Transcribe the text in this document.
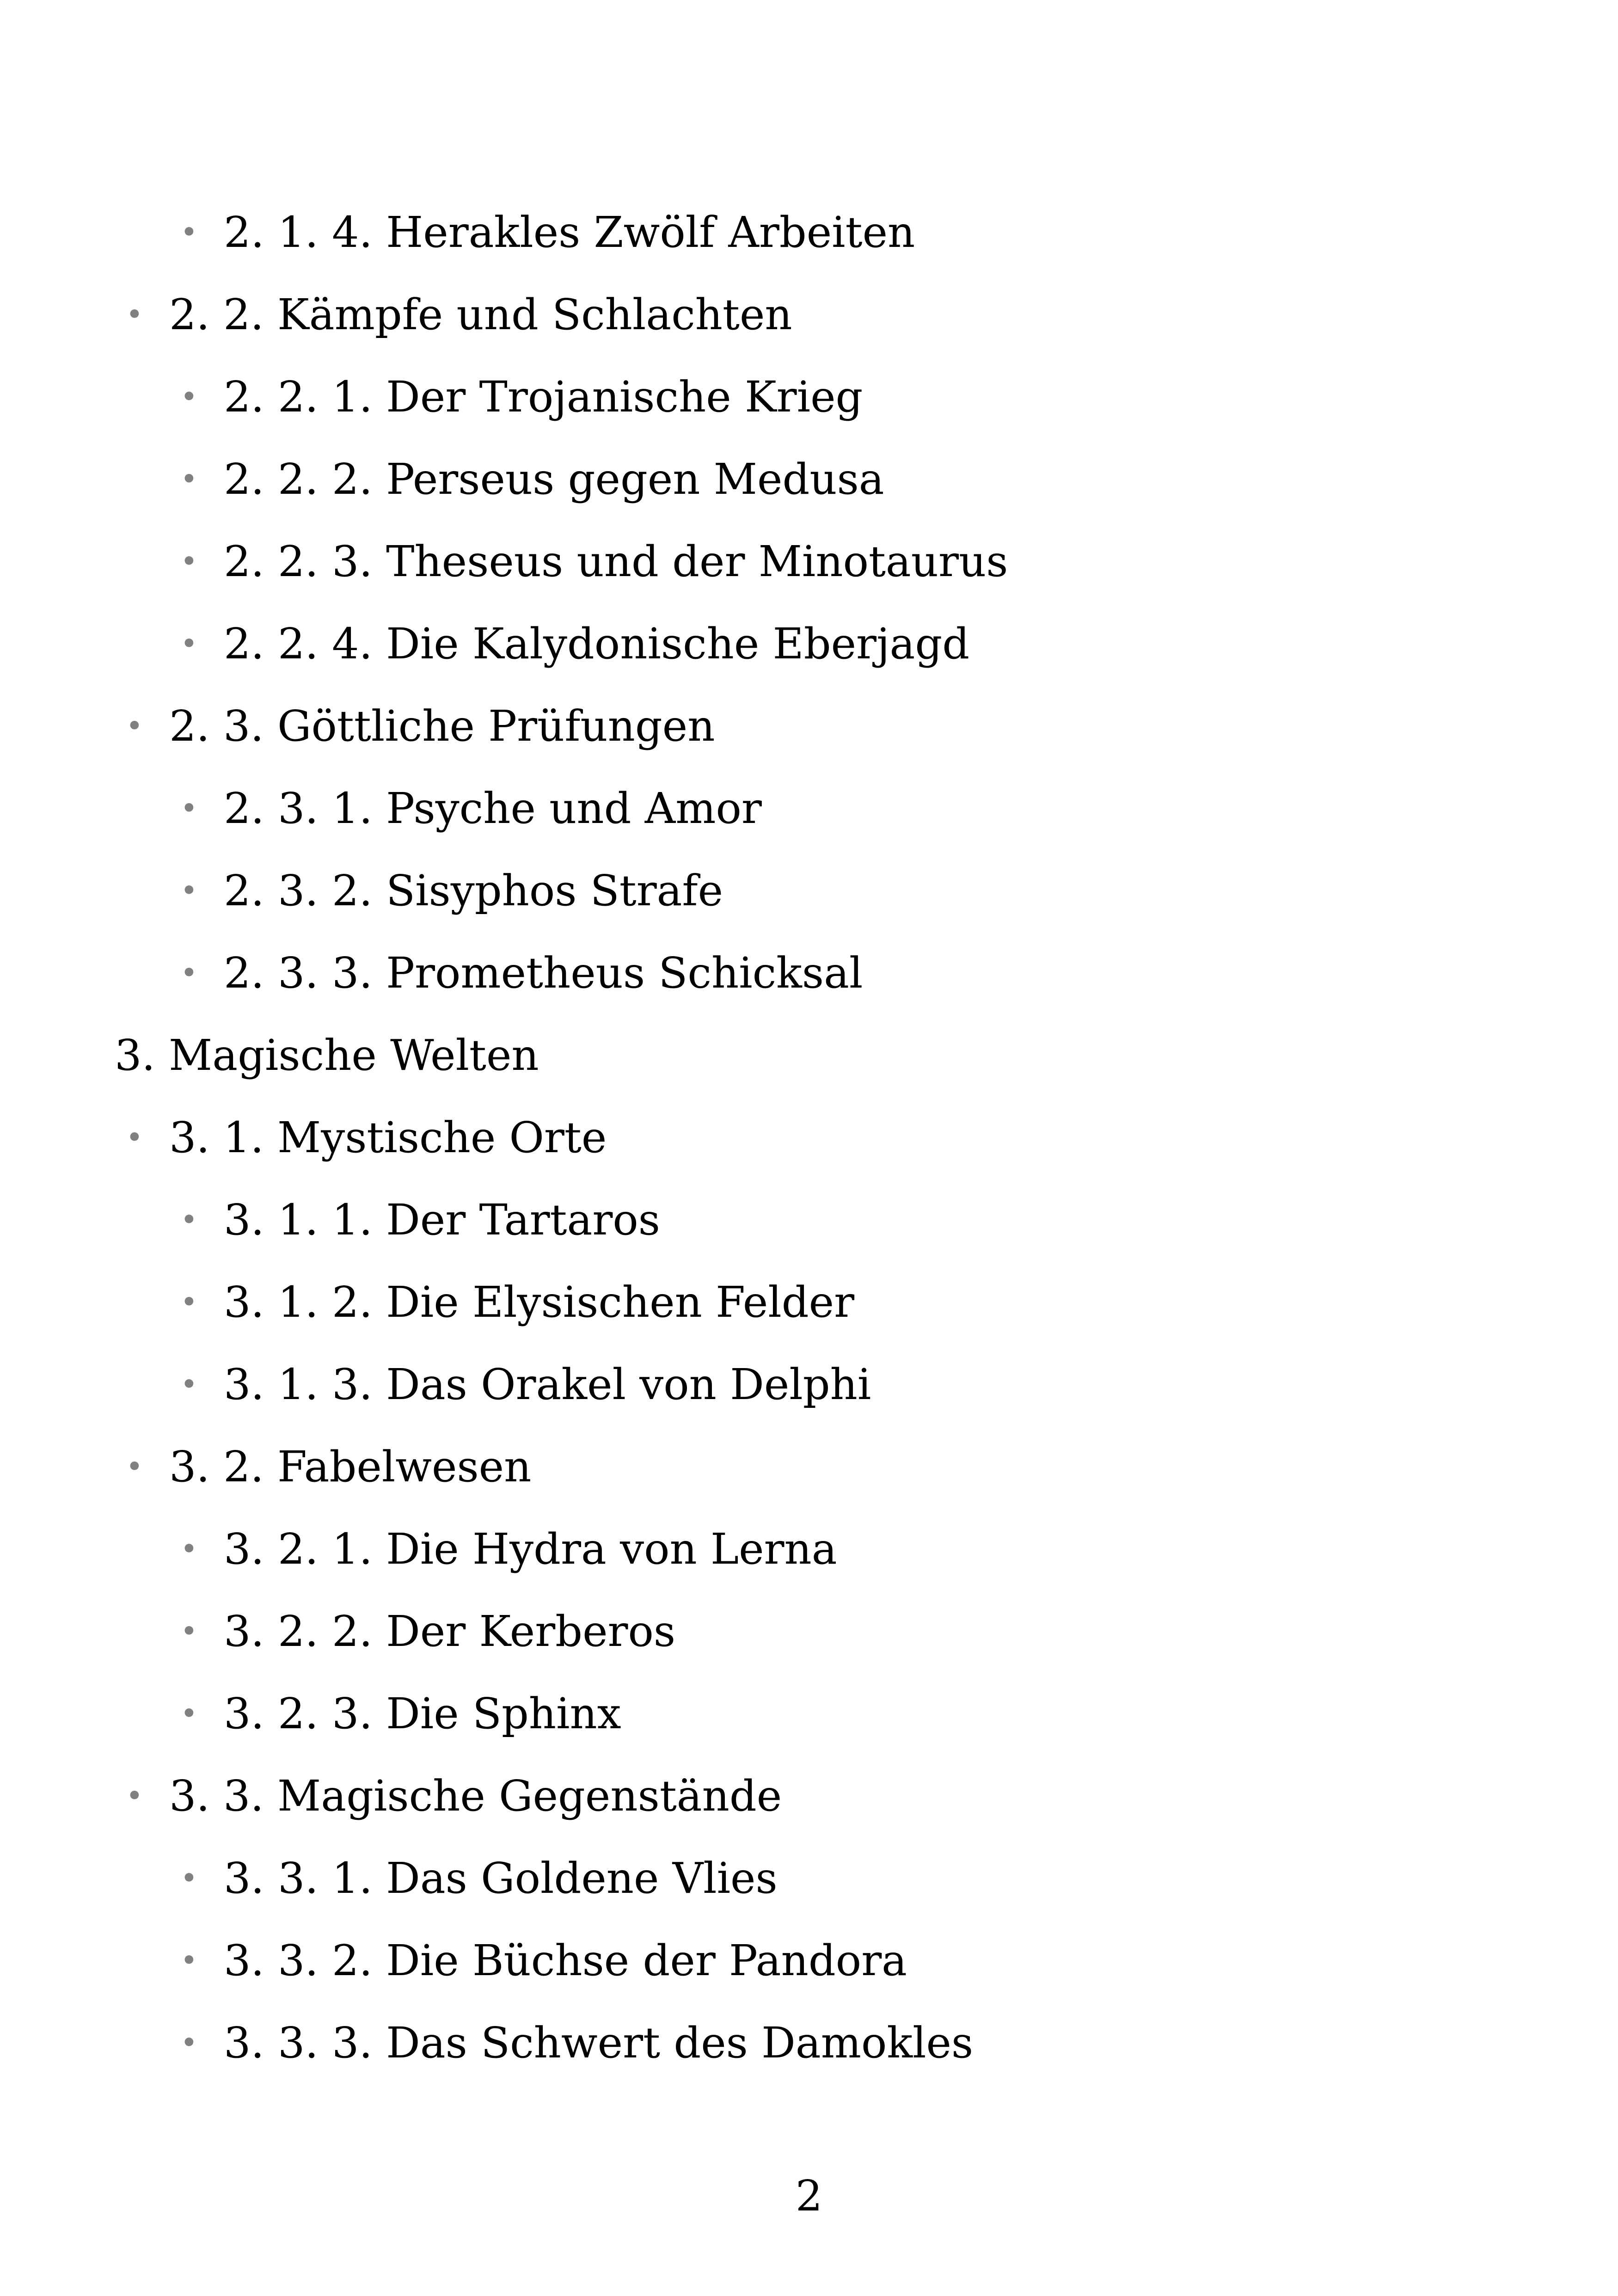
• 2. 1. 4. Herakles Zwölf Arbeiten
• 2. 2. Kämpfe und Schlachten
• 2. 2. 1. Der Trojanische Krieg
• 2. 2. 2. Perseus gegen Medusa
• 2. 2. 3. Theseus und der Minotaurus
• 2. 2. 4. Die Kalydonische Eberjagd
• 2. 3. Göttliche Prüfungen
• 2. 3. 1. Psyche und Amor
• 2. 3. 2. Sisyphos Strafe
• 2. 3. 3. Prometheus Schicksal
3. Magische Welten
• 3. 1. Mystische Orte
• 3. 1. 1. Der Tartaros
• 3. 1. 2. Die Elysischen Felder
• 3. 1. 3. Das Orakel von Delphi
• 3. 2. Fabelwesen
• 3. 2. 1. Die Hydra von Lerna
• 3. 2. 2. Der Kerberos
• 3. 2. 3. Die Sphinx
• 3. 3. Magische Gegenstände
• 3. 3. 1. Das Goldene Vlies
• 3. 3. 2. Die Büchse der Pandora
• 3. 3. 3. Das Schwert des Damokles
2
